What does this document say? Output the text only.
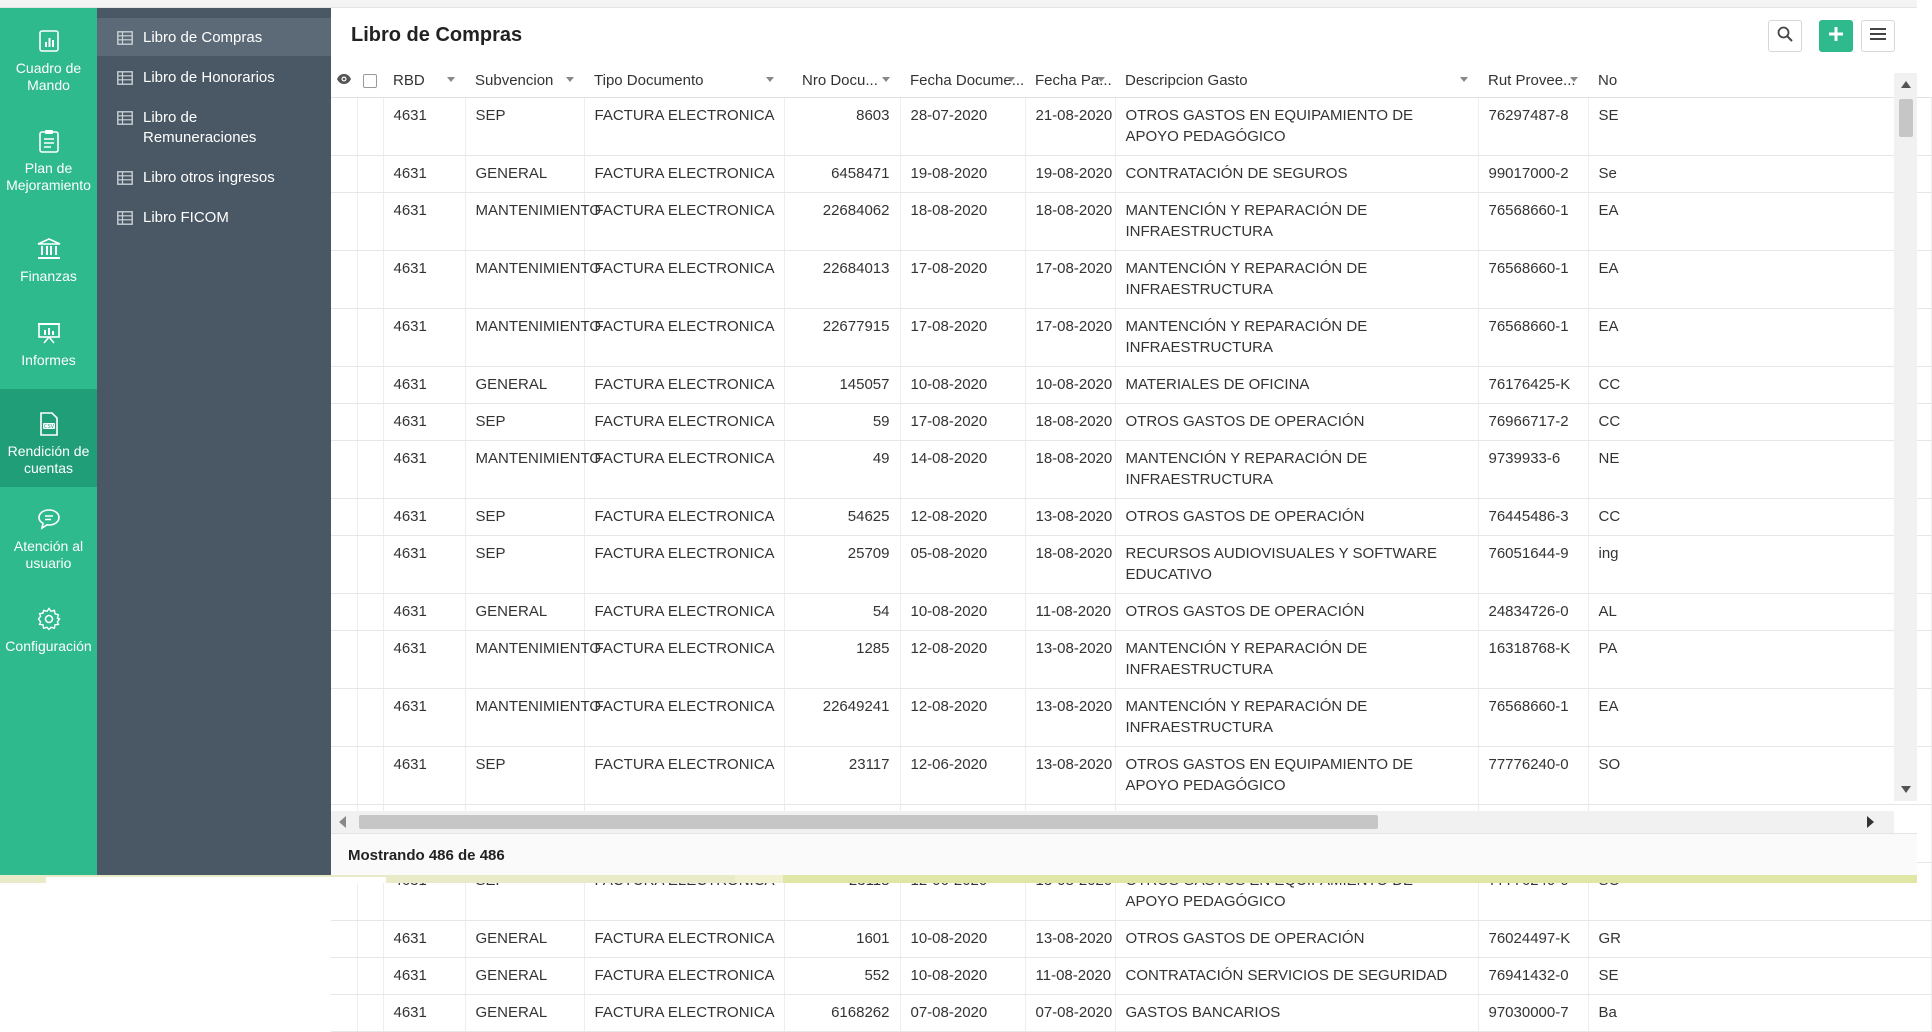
Cuadro de Mando
Plan de Mejoramiento
Finanzas
Informes
CSV
Rendición de cuentas
Atención al usuario
Configuración
Libro de Compras
Libro de Honorarios
Libro de Remuneraciones
Libro otros ingresos
Libro FICOM
Libro de Compras
		RBD	Subvencion	Tipo Documento	Nro Docu...	Fecha Docume...	Fecha Pa...	Descripcion Gasto	Rut Provee...	No
		4631	SEP	FACTURA ELECTRONICA	8603	28-07-2020	21-08-2020	OTROS GASTOS EN EQUIPAMIENTO DE APOYO PEDAGÓGICO	76297487-8	SE
		4631	GENERAL	FACTURA ELECTRONICA	6458471	19-08-2020	19-08-2020	CONTRATACIÓN DE SEGUROS	99017000-2	Se
		4631	MANTENIMIENTO	FACTURA ELECTRONICA	22684062	18-08-2020	18-08-2020	MANTENCIÓN Y REPARACIÓN DE INFRAESTRUCTURA	76568660-1	EA
		4631	MANTENIMIENTO	FACTURA ELECTRONICA	22684013	17-08-2020	17-08-2020	MANTENCIÓN Y REPARACIÓN DE INFRAESTRUCTURA	76568660-1	EA
		4631	MANTENIMIENTO	FACTURA ELECTRONICA	22677915	17-08-2020	17-08-2020	MANTENCIÓN Y REPARACIÓN DE INFRAESTRUCTURA	76568660-1	EA
		4631	GENERAL	FACTURA ELECTRONICA	145057	10-08-2020	10-08-2020	MATERIALES DE OFICINA	76176425-K	CC
		4631	SEP	FACTURA ELECTRONICA	59	17-08-2020	18-08-2020	OTROS GASTOS DE OPERACIÓN	76966717-2	CC
		4631	MANTENIMIENTO	FACTURA ELECTRONICA	49	14-08-2020	18-08-2020	MANTENCIÓN Y REPARACIÓN DE INFRAESTRUCTURA	9739933-6	NE
		4631	SEP	FACTURA ELECTRONICA	54625	12-08-2020	13-08-2020	OTROS GASTOS DE OPERACIÓN	76445486-3	CC
		4631	SEP	FACTURA ELECTRONICA	25709	05-08-2020	18-08-2020	RECURSOS AUDIOVISUALES Y SOFTWARE EDUCATIVO	76051644-9	ing
		4631	GENERAL	FACTURA ELECTRONICA	54	10-08-2020	11-08-2020	OTROS GASTOS DE OPERACIÓN	24834726-0	AL
		4631	MANTENIMIENTO	FACTURA ELECTRONICA	1285	12-08-2020	13-08-2020	MANTENCIÓN Y REPARACIÓN DE INFRAESTRUCTURA	16318768-K	PA
		4631	MANTENIMIENTO	FACTURA ELECTRONICA	22649241	12-08-2020	13-08-2020	MANTENCIÓN Y REPARACIÓN DE INFRAESTRUCTURA	76568660-1	EA
		4631	SEP	FACTURA ELECTRONICA	23117	12-06-2020	13-08-2020	OTROS GASTOS EN EQUIPAMIENTO DE APOYO PEDAGÓGICO	77776240-0	SO

								APOYO PEDAGÓGICO		
		4631	GENERAL	FACTURA ELECTRONICA	1601	10-08-2020	13-08-2020	OTROS GASTOS DE OPERACIÓN	76024497-K	GR
		4631	GENERAL	FACTURA ELECTRONICA	552	10-08-2020	11-08-2020	CONTRATACIÓN SERVICIOS DE SEGURIDAD	76941432-0	SE
		4631	GENERAL	FACTURA ELECTRONICA	6168262	07-08-2020	07-08-2020	GASTOS BANCARIOS	97030000-7	Ba
Mostrando 486 de 486
